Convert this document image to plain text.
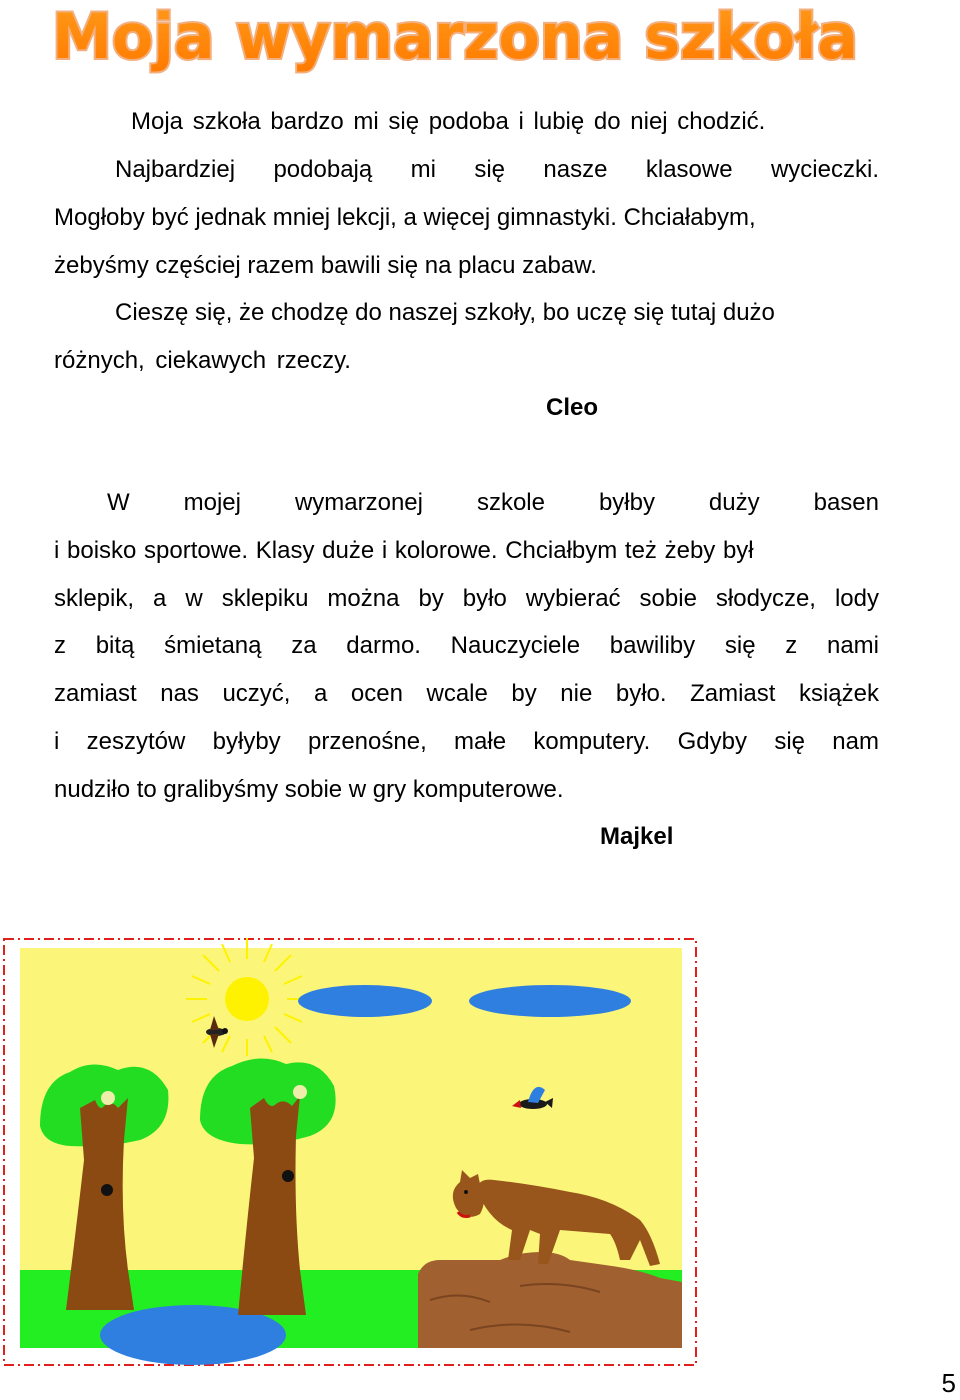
Moja wymarzona szkoła

Moja szkoła bardzo mi się podoba i lubię do niej chodzić.

Najbardziej podobają mi się nasze klasowe wycieczki.

Mogłoby być jednak mniej lekcji, a więcej gimnastyki. Chciałabym,

żebyśmy częściej razem bawili się na placu zabaw.

Cieszę się, że chodzę do naszej szkoły, bo uczę się tutaj dużo

różnych, ciekawych rzeczy.

Cleo

W mojej wymarzonej szkole byłby duży basen

i boisko sportowe. Klasy duże i kolorowe. Chciałbym też żeby był

sklepik, a w sklepiku można by było wybierać sobie słodycze, lody

z bitą śmietaną za darmo. Nauczyciele bawiliby się z nami

zamiast nas uczyć, a ocen wcale by nie było. Zamiast książek

i zeszytów byłyby przenośne, małe komputery. Gdyby się nam

nudziło to gralibyśmy sobie w gry komputerowe.

Majkel

5
